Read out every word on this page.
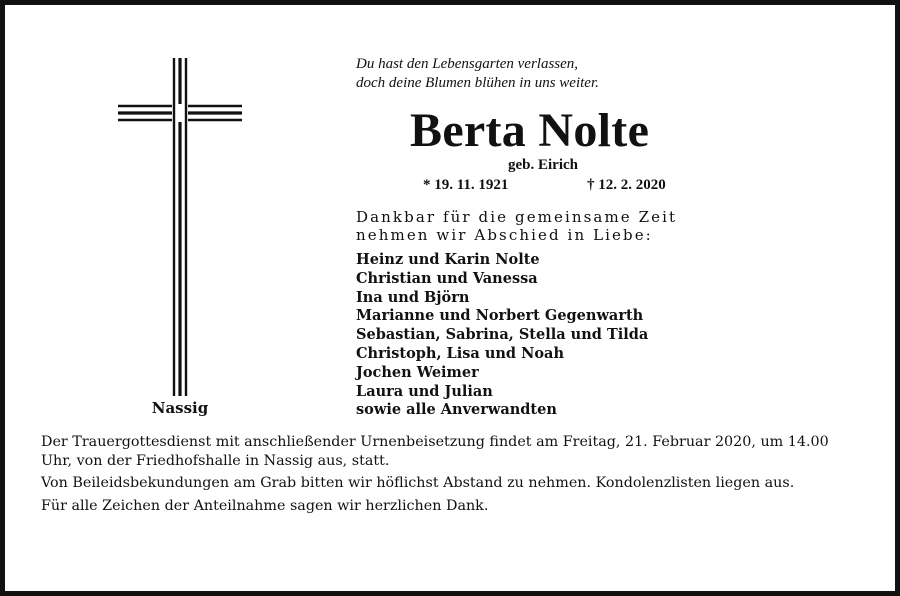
Nassig
Du hast den Lebensgarten verlassen,
doch deine Blumen blühen in uns weiter.
Berta Nolte
geb. Eirich
* 19. 11. 1921	† 12. 2. 2020
Dankbar für die gemeinsame Zeit
nehmen wir Abschied in Liebe:
Heinz und Karin Nolte
Christian und Vanessa
Ina und Björn
Marianne und Norbert Gegenwarth
Sebastian, Sabrina, Stella und Tilda
Christoph, Lisa und Noah
Jochen Weimer
Laura und Julian
sowie alle Anverwandten

Der Trauergottesdienst mit anschließender Urnenbeisetzung findet am Freitag, 21. Februar 2020, um 14.00 Uhr, von der Friedhofshalle in Nassig aus, statt.

Von Beileidsbekundungen am Grab bitten wir höflichst Abstand zu nehmen. Kondolenzlisten liegen aus.

Für alle Zeichen der Anteilnahme sagen wir herzlichen Dank.
